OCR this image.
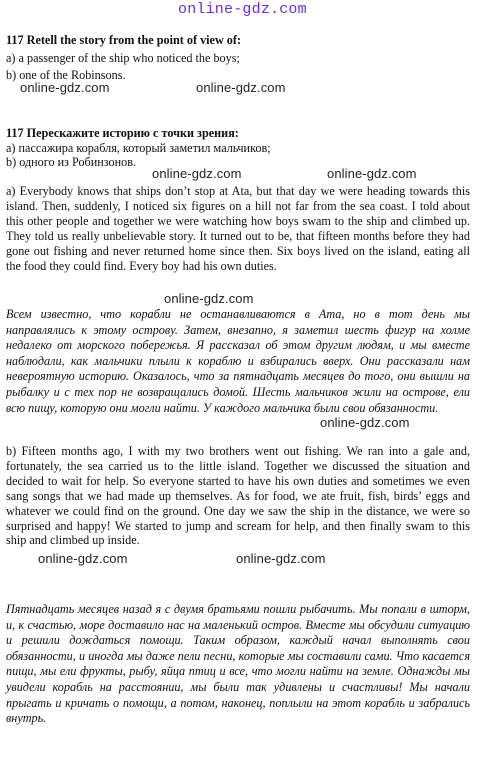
online-gdz.com
online-gdz.com	online-gdz.com
online-gdz.com	online-gdz.com
online-gdz.com
online-gdz.com
online-gdz.com	online-gdz.com
117 Retell the story from the point of view of:
a) a passenger of the ship who noticed the boys;
b) one of the Robinsons.
117 Перескажите историю с точки зрения:
а) пассажира корабля, который заметил мальчиков;
b) одного из Робинзонов.
a) Everybody knows that ships don’t stop at Ata, but that day we were heading towards this island. Then, suddenly, I noticed six figures on a hill not far from the sea coast. I told about this other people and together we were watching how boys swam to the ship and climbed up. They told us really unbelievable story. It turned out to be, that fifteen months before they had gone out fishing and never returned home since then. Six boys lived on the island, eating all the food they could find. Every boy had his own duties.
Всем известно, что корабли не останавливаются в Ата, но в тот день мы направлялись к этому острову. Затем, внезапно, я заметил шесть фигур на холме недалеко от морского побережья. Я рассказал об этом другим людям, и мы вместе наблюдали, как мальчики плыли к кораблю и взбирались вверх. Они рассказали нам невероятную историю. Оказалось, что за пятнадцать месяцев до того, они вышли на рыбалку и с тех пор не возвращались домой. Шесть мальчиков жили на острове, ели всю пищу, которую они могли найти. У каждого мальчика были свои обязанности.
b) Fifteen months ago, I with my two brothers went out fishing. We ran into a gale and, fortunately, the sea carried us to the little island. Together we discussed the situation and decided to wait for help. So everyone started to have his own duties and sometimes we even sang songs that we had made up themselves. As for food, we ate fruit, fish, birds’ eggs and whatever we could find on the ground. One day we saw the ship in the distance, we were so surprised and happy! We started to jump and scream for help, and then finally swam to this ship and climbed up inside.
Пятнадцать месяцев назад я с двумя братьями пошли рыбачить. Мы попали в шторм, и, к счастью, море доставило нас на маленький остров. Вместе мы обсудили ситуацию и решили дождаться помощи. Таким образом, каждый начал выполнять свои обязанности, и иногда мы даже пели песни, которые мы составили сами. Что касается пищи, мы ели фрукты, рыбу, яйца птиц и все, что могли найти на земле. Однажды мы увидели корабль на расстоянии, мы были так удивлены и счастливы! Мы начали прыгать и кричать о помощи, а потом, наконец, поплыли на этот корабль и забрались внутрь.
